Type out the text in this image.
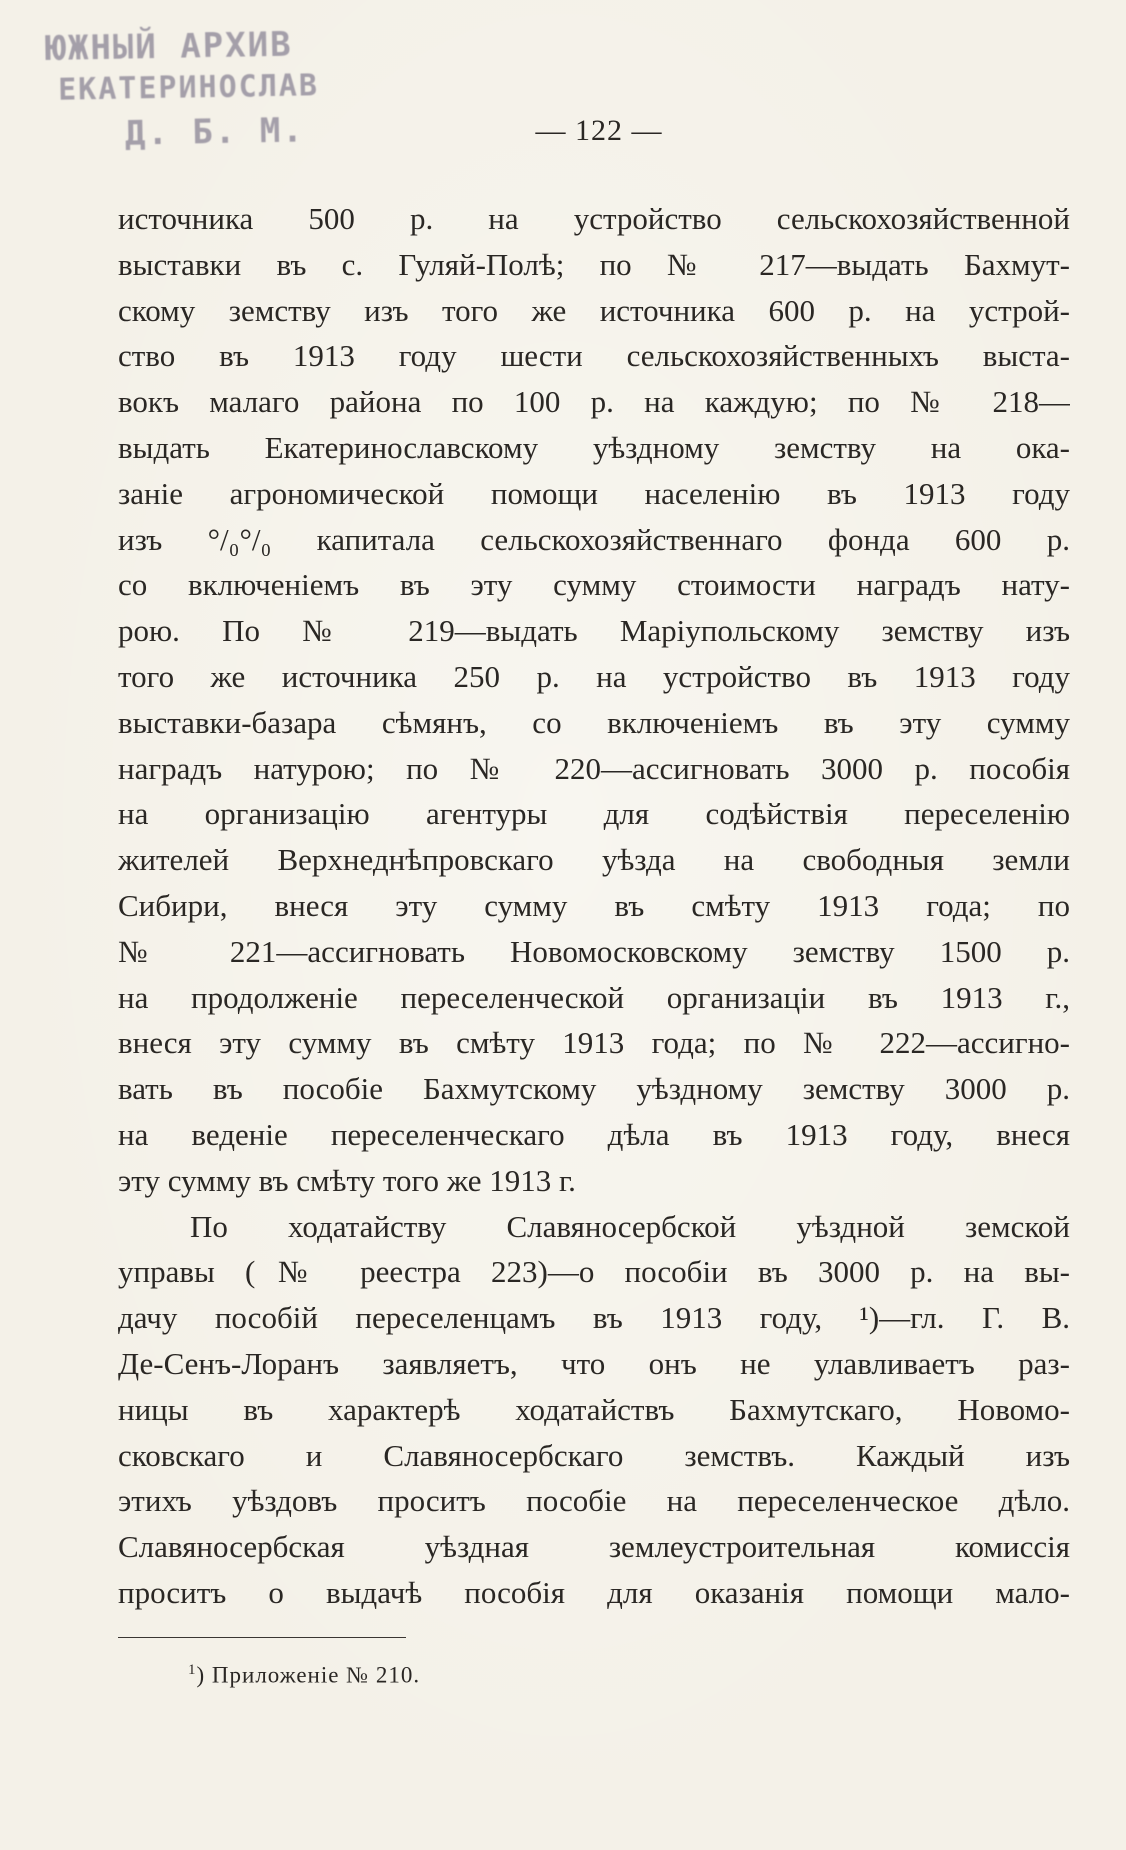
ЮЖНЫЙ АРХИВ
ЕКАТЕРИНОСЛАВ
Д. Б. М.	— 122 —
источника 500 р. на устройство сельскохозяйственной
выставки въ с. Гуляй-Полѣ; по № 217—выдать Бахмут-
скому земству изъ того же источника 600 р. на устрой-
ство въ 1913 году шести сельскохозяйственныхъ выста-
вокъ малаго района по 100 р. на каждую; по № 218—
выдать Екатеринославскому уѣздному земству на ока-
заніе агрономической помощи населенію въ 1913 году
изъ °/₀°/₀ капитала сельскохозяйственнаго фонда 600 р.
со включеніемъ въ эту сумму стоимости наградъ нату-
рою. По № 219—выдать Маріупольскому земству изъ
того же источника 250 р. на устройство въ 1913 году
выставки-базара сѣмянъ, со включеніемъ въ эту сумму
наградъ натурою; по № 220—ассигновать 3000 р. пособія
на организацію агентуры для содѣйствія переселенію
жителей Верхнеднѣпровскаго уѣзда на свободныя земли
Сибири, внеся эту сумму въ смѣту 1913 года; по
№ 221—ассигновать Новомосковскому земству 1500 р.
на продолженіе переселенческой организаціи въ 1913 г.,
внеся эту сумму въ смѣту 1913 года; по № 222—ассигно-
вать въ пособіе Бахмутскому уѣздному земству 3000 р.
на веденіе переселенческаго дѣла въ 1913 году, внеся
эту сумму въ смѣту того же 1913 г.
По ходатайству Славяносербской уѣздной земской
управы (№ реестра 223)—о пособіи въ 3000 р. на вы-
дачу пособій переселенцамъ въ 1913 году, ¹)—гл. Г. В.
Де-Сенъ-Лоранъ заявляетъ, что онъ не улавливаетъ раз-
ницы въ характерѣ ходатайствъ Бахмутскаго, Новомо-
сковскаго и Славяносербскаго земствъ. Каждый изъ
этихъ уѣздовъ проситъ пособіе на переселенческое дѣло.
Славяносербская уѣздная землеустроительная комиссія
проситъ о выдачѣ пособія для оказанія помощи мало-
$^1$) Приложеніе № 210.
